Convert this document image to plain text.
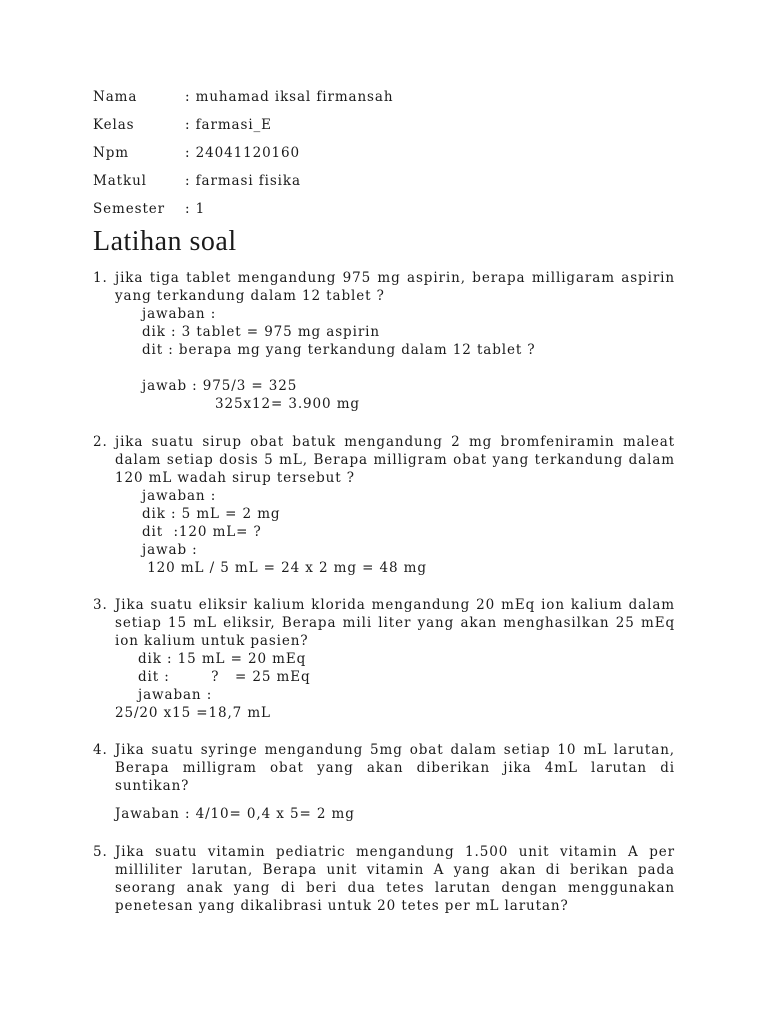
Nama	: muhamad iksal firmansah
Kelas	: farmasi_E
Npm	: 24041120160
Matkul	: farmasi fisika
Semester	: 1
Latihan soal
1. jika tiga tablet mengandung 975 mg aspirin, berapa milligaram aspirin yang terkandung dalam 12 tablet ?
jawaban :
dik : 3 tablet = 975 mg aspirin
dit : berapa mg yang terkandung dalam 12 tablet ?
jawab : 975/3 = 325
325x12= 3.900 mg
2. jika suatu sirup obat batuk mengandung 2 mg bromfeniramin maleat dalam setiap dosis 5 mL, Berapa milligram obat yang terkandung dalam 120 mL wadah sirup tersebut ?
jawaban :
dik : 5 mL = 2 mg
dit  :120 mL= ?
jawab :
120 mL / 5 mL = 24 x 2 mg = 48 mg
3. Jika suatu eliksir kalium klorida mengandung 20 mEq ion kalium dalam setiap 15 mL eliksir, Berapa mili liter yang akan menghasilkan 25 mEq ion kalium untuk pasien?
dik : 15 mL = 20 mEq
dit :        ?   = 25 mEq
jawaban :
25/20 x15 =18,7 mL
4. Jika suatu syringe mengandung 5mg obat dalam setiap 10 mL larutan, Berapa milligram obat yang akan diberikan jika 4mL larutan di suntikan?
Jawaban : 4/10= 0,4 x 5= 2 mg
5. Jika suatu vitamin pediatric mengandung 1.500 unit vitamin A per milliliter larutan, Berapa unit vitamin A yang akan di berikan pada seorang anak yang di beri dua tetes larutan dengan menggunakan penetesan yang dikalibrasi untuk 20 tetes per mL larutan?
